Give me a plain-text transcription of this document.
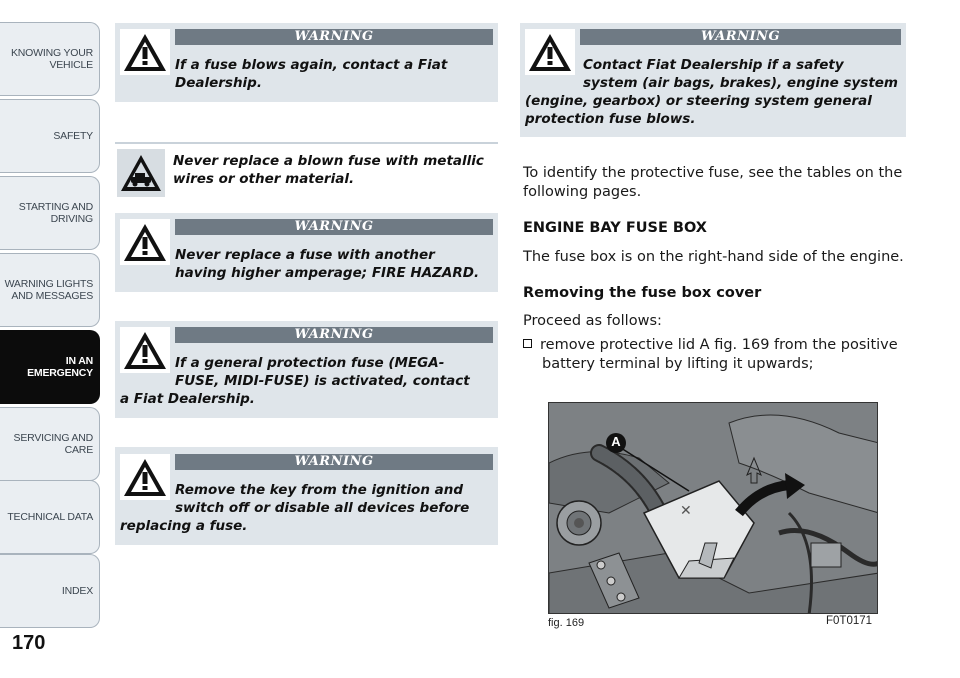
KNOWING YOUR
VEHICLE
SAFETY
STARTING AND
DRIVING
WARNING LIGHTS
AND MESSAGES
IN AN
EMERGENCY
SERVICING AND
CARE
TECHNICAL DATA
INDEX
170
WARNING
If a fuse blows again, contact a Fiat
Dealership.
Never replace a blown fuse with metallic
wires or other material.
WARNING
Never replace a fuse with another
having higher amperage; FIRE HAZARD.
WARNING
If a general protection fuse (MEGA-
FUSE, MIDI-FUSE) is activated, contact
a Fiat Dealership.
WARNING
Remove the key from the ignition and
switch off or disable all devices before
replacing a fuse.
WARNING
Contact Fiat Dealership if a safety
system (air bags, brakes), engine system
(engine, gearbox) or steering system general
protection fuse blows.
To identify the protective fuse, see the tables on the
following pages.
ENGINE BAY FUSE BOX
The fuse box is on the right-hand side of the engine.
Removing the fuse box cover
Proceed as follows:
remove protective lid A fig. 169 from the positive
battery terminal by lifting it upwards;
✕
A
fig. 169	F0T0171
